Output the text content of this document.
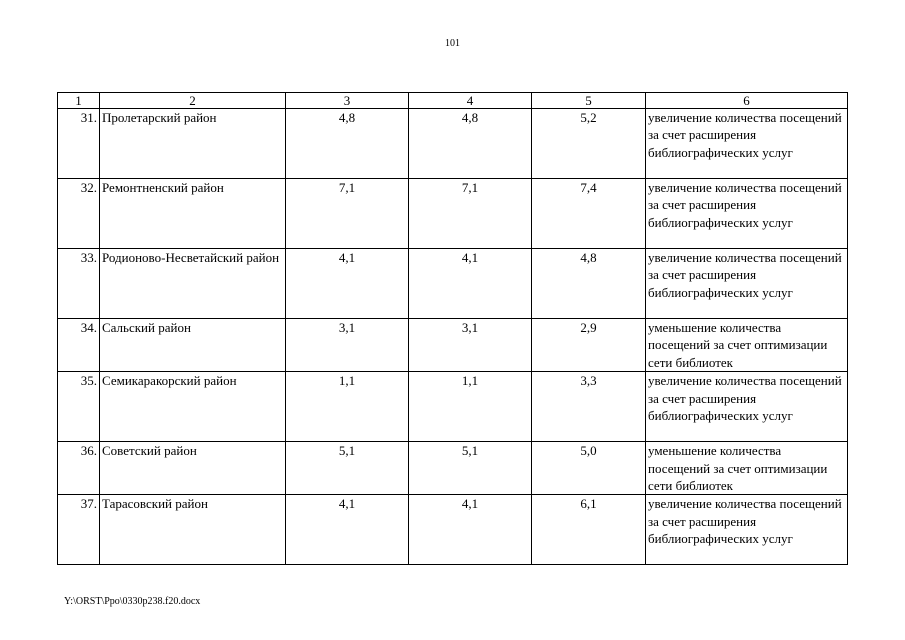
101
1	2	3	4	5	6
31.	Пролетарский район	4,8	4,8	5,2	увеличение количества посещений за счет расширения библиографических услуг
32.	Ремонтненский район	7,1	7,1	7,4	увеличение количества посещений за счет расширения библиографических услуг
33.	Родионово-Несветайский район	4,1	4,1	4,8	увеличение количества посещений за счет расширения библиографических услуг
34.	Сальский район	3,1	3,1	2,9	уменьшение количества посещений за счет оптимизации сети библиотек
35.	Семикаракорский район	1,1	1,1	3,3	увеличение количества посещений за счет расширения библиографических услуг
36.	Советский район	5,1	5,1	5,0	уменьшение количества посещений за счет оптимизации сети библиотек
37.	Тарасовский район	4,1	4,1	6,1	увеличение количества посещений за счет расширения библиографических услуг
Y:\ORST\Ppo\0330p238.f20.docx
